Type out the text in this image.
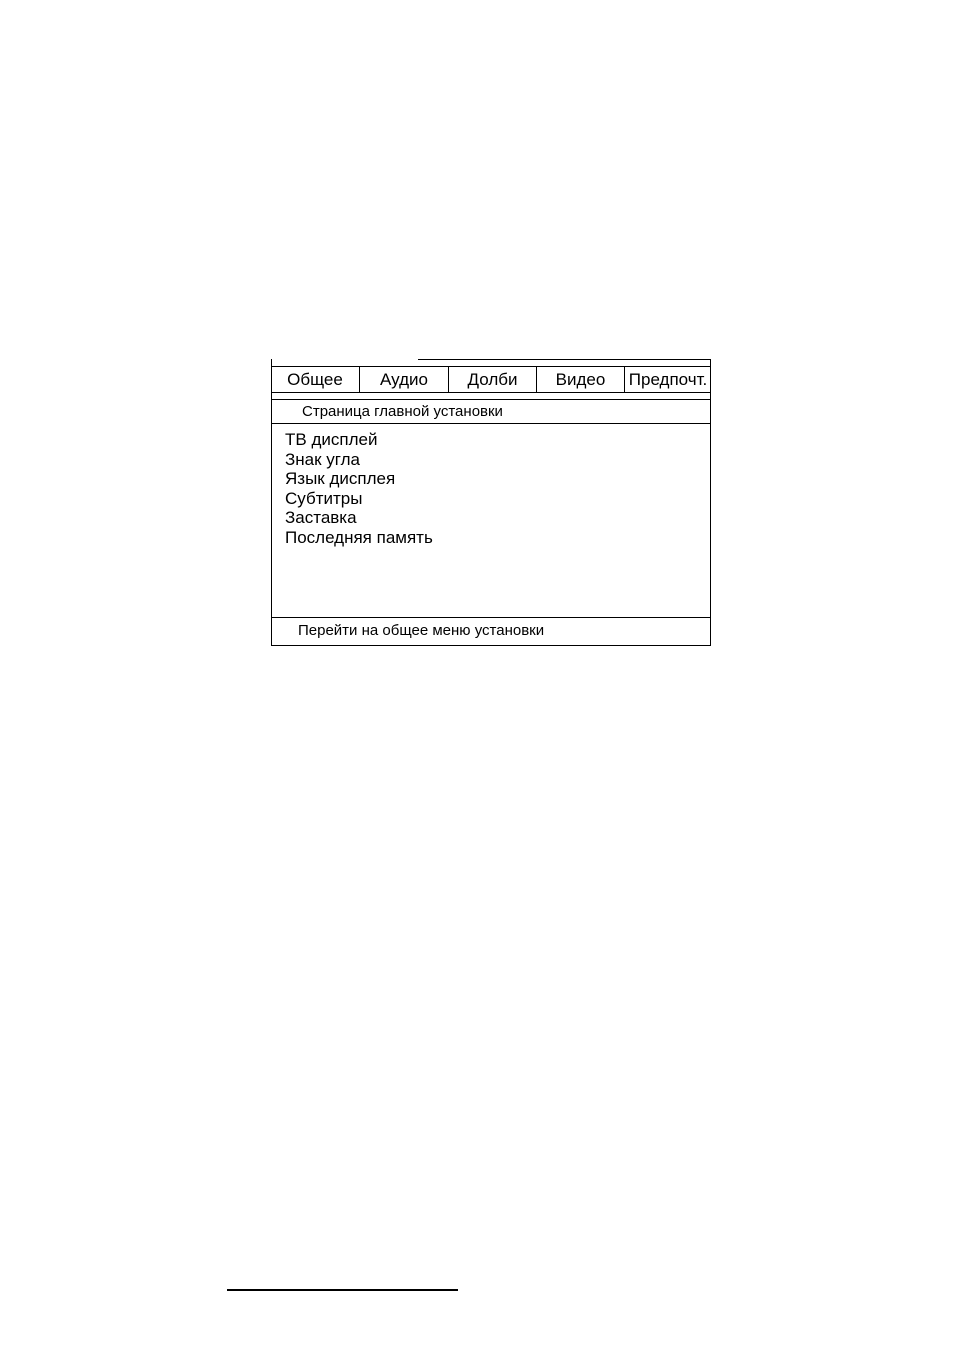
Общее	Аудио	Долби	Видео	Предпочт.
Страница главной установки
ТВ дисплей
Знак угла
Язык дисплея
Субтитры
Заставка
Последняя память
Перейти на общее меню установки
